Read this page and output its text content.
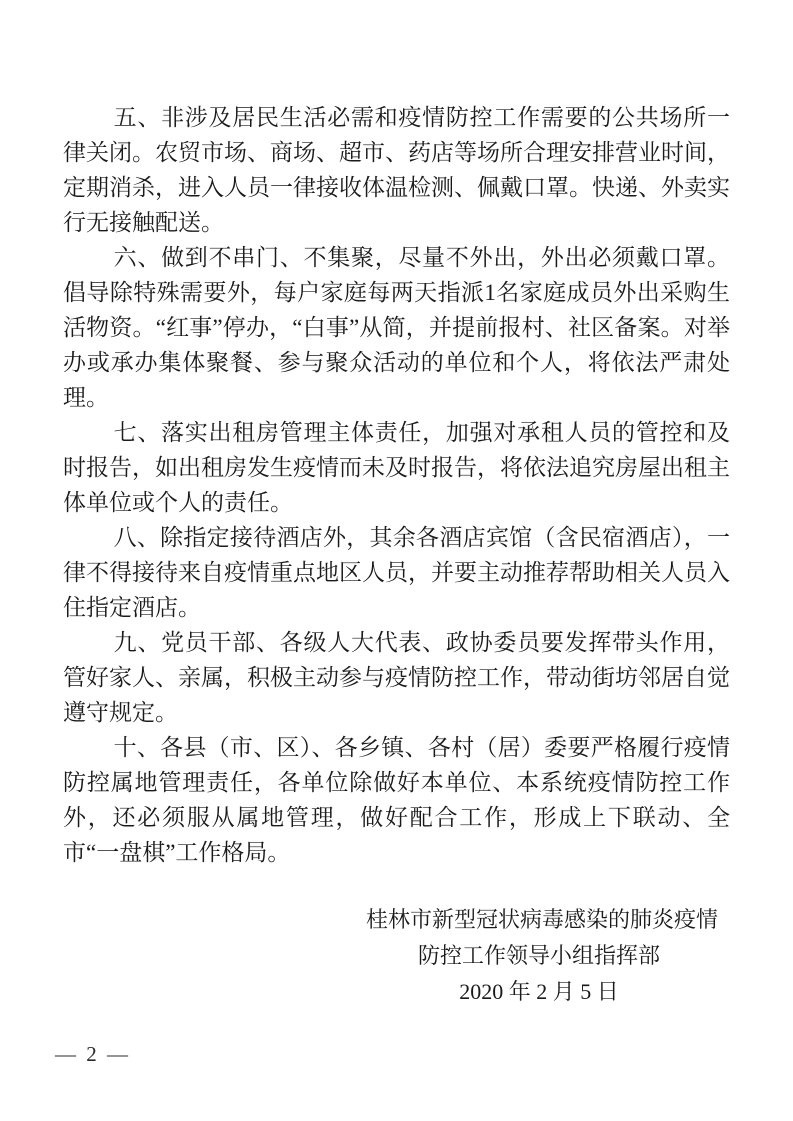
五、非涉及居民生活必需和疫情防控工作需要的公共场所一律关闭。农贸市场、商场、超市、药店等场所合理安排营业时间，定期消杀，进入人员一律接收体温检测、佩戴口罩。快递、外卖实行无接触配送。

六、做到不串门、不集聚，尽量不外出，外出必须戴口罩。倡导除特殊需要外，每户家庭每两天指派1名家庭成员外出采购生活物资。“红事”停办，“白事”从简，并提前报村、社区备案。对举办或承办集体聚餐、参与聚众活动的单位和个人，将依法严肃处理。

七、落实出租房管理主体责任，加强对承租人员的管控和及时报告，如出租房发生疫情而未及时报告，将依法追究房屋出租主体单位或个人的责任。

八、除指定接待酒店外，其余各酒店宾馆（含民宿酒店），一律不得接待来自疫情重点地区人员，并要主动推荐帮助相关人员入住指定酒店。

九、党员干部、各级人大代表、政协委员要发挥带头作用，管好家人、亲属，积极主动参与疫情防控工作，带动街坊邻居自觉遵守规定。

十、各县（市、区）、各乡镇、各村（居）委要严格履行疫情防控属地管理责任，各单位除做好本单位、本系统疫情防控工作外，还必须服从属地管理，做好配合工作，形成上下联动、全市“一盘棋”工作格局。

桂林市新型冠状病毒感染的肺炎疫情
防控工作领导小组指挥部
2020 年 2 月 5 日
— 2 —
